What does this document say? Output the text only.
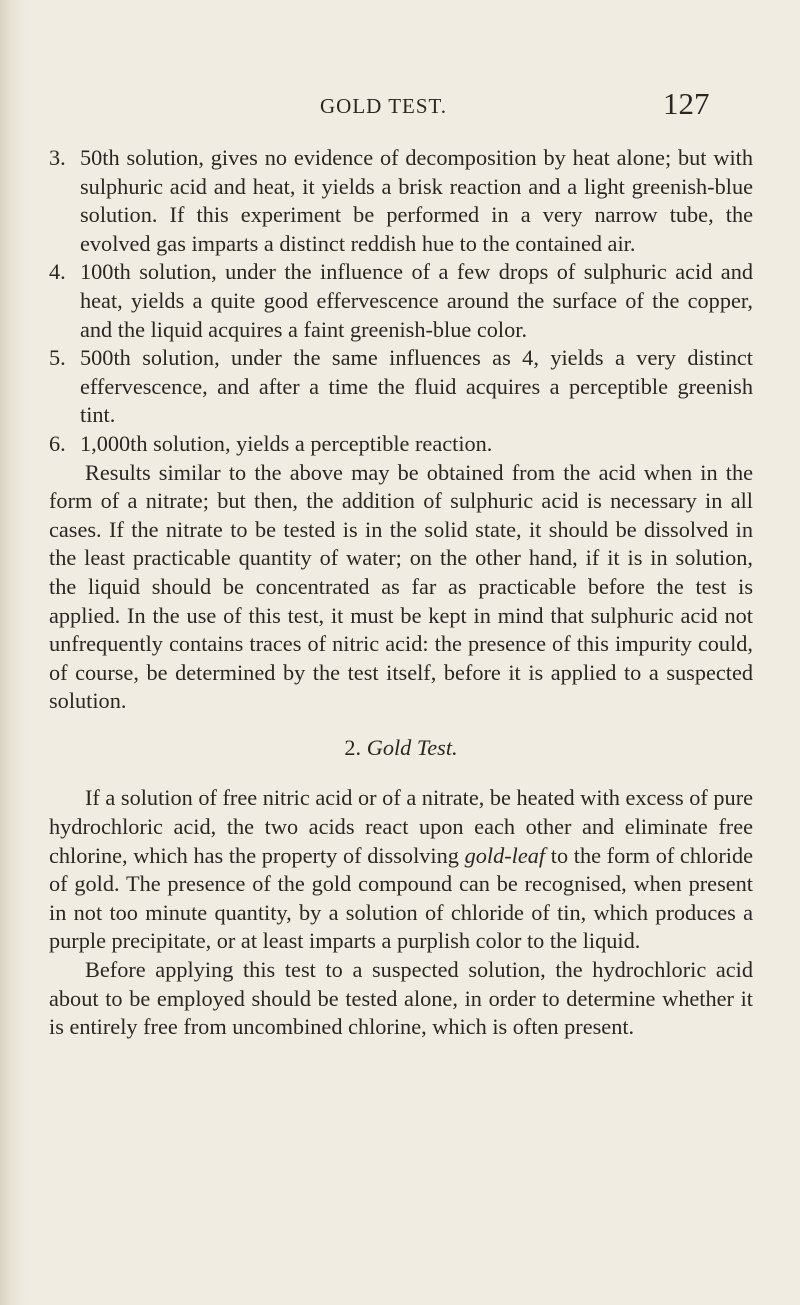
GOLD TEST.	127
3. 50th solution, gives no evidence of decomposition by heat alone; but with sulphuric acid and heat, it yields a brisk reaction and a light greenish-blue solution. If this experiment be performed in a very narrow tube, the evolved gas imparts a distinct reddish hue to the contained air.
4. 100th solution, under the influence of a few drops of sulphuric acid and heat, yields a quite good effervescence around the surface of the copper, and the liquid acquires a faint greenish-blue color.
5. 500th solution, under the same influences as 4, yields a very distinct effervescence, and after a time the fluid acquires a perceptible greenish tint.
6. 1,000th solution, yields a perceptible reaction.

Results similar to the above may be obtained from the acid when in the form of a nitrate; but then, the addition of sulphuric acid is necessary in all cases. If the nitrate to be tested is in the solid state, it should be dissolved in the least practicable quantity of water; on the other hand, if it is in solution, the liquid should be concentrated as far as practicable before the test is applied. In the use of this test, it must be kept in mind that sulphuric acid not unfrequently contains traces of nitric acid: the presence of this impurity could, of course, be determined by the test itself, before it is applied to a suspected solution.

2. Gold Test.

If a solution of free nitric acid or of a nitrate, be heated with excess of pure hydrochloric acid, the two acids react upon each other and eliminate free chlorine, which has the property of dissolving gold-leaf to the form of chloride of gold. The presence of the gold compound can be recognised, when present in not too minute quantity, by a solution of chloride of tin, which produces a purple precipitate, or at least imparts a purplish color to the liquid.

Before applying this test to a suspected solution, the hydrochloric acid about to be employed should be tested alone, in order to determine whether it is entirely free from uncombined chlorine, which is often present.
